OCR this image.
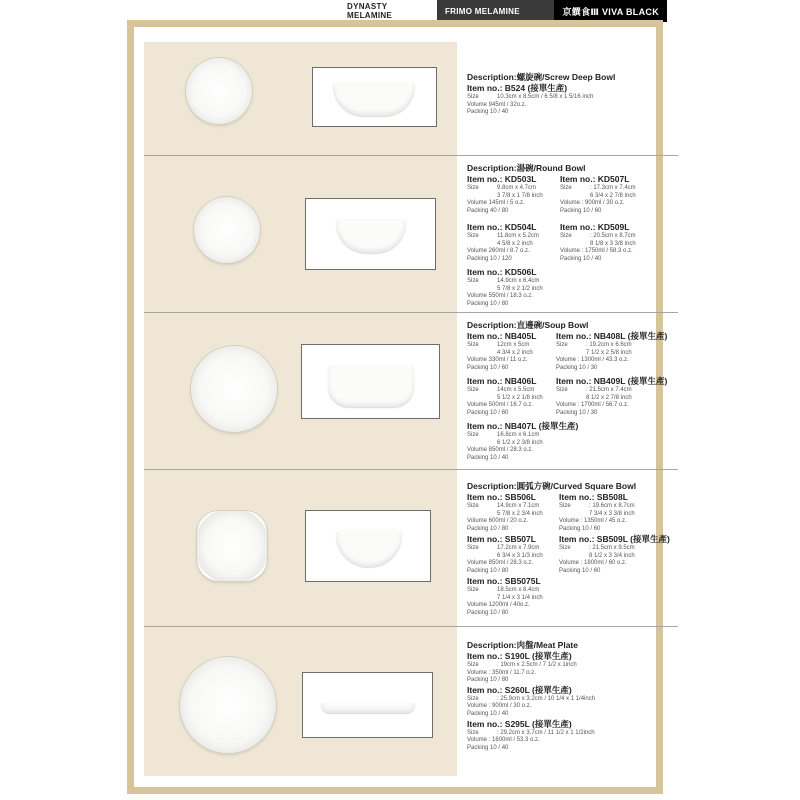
DYNASTY MELAMINE	FRIMO MELAMINE	京饌食Ⅲ VIVA BLACK
Description:螺旋碗/Screw Deep Bowl
Item no.: B524 (接單生產)
Size	10.3cm x 8.5cm / 6 5/8 x 1 5/16 inch
Volume 945ml / 32o.z.
Packing 10 / 40
Description:湯碗/Round Bowl
Item no.: KD503L
Size	9.8cm x 4.7cm
3 7/8 x 1 7/8 inch
Volume 145ml / 5 o.z.
Packing 40 / 80
Item no.: KD507L
Size	: 17.3cm x 7.4cm
6 3/4 x 2 7/8 inch
Volume : 900ml / 30 o.z.
Packing 10 / 60
Item no.: KD504L
Size	11.8cm x 5.2cm
4 5/8 x 2 inch
Volume 260ml / 8.7 o.z.
Packing 10 / 120
Item no.: KD509L
Size	: 20.5cm x 8.7cm
8 1/8 x 3 3/8 inch
Volume : 1750ml / 58.3 o.z.
Packing 10 / 40
Item no.: KD506L
Size	14.9cm x 6.4cm
5 7/8 x 2 1/2 inch
Volume 550ml / 18.3 o.z.
Packing 10 / 80
Description:直邊碗/Soup Bowl
Item no.: NB405L
Size	12cm x 5cm
4 3/4 x 2 inch
Volume 330ml / 11 o.z.
Packing 10 / 60
Item no.: NB408L (接單生產)
Size	: 19.2cm x 6.6cm
7 1/2 x 2 5/8 inch
Volume : 1300ml / 43.3 o.z.
Packing 10 / 30
Item no.: NB406L
Size	14cm x 5.5cm
5 1/2 x 2 1/8 inch
Volume 500ml / 16.7 o.z.
Packing 10 / 60
Item no.: NB409L (接單生產)
Size	: 21.5cm x 7.4cm
8 1/2 x 2 7/8 inch
Volume : 1700ml / 56.7 o.z.
Packing 10 / 30
Item no.: NB407L (接單生產)
Size	16.8cm x 6.1cm
6 1/2 x 2 3/8 inch
Volume 850ml / 28.3 o.z.
Packing 10 / 40
Description:圓弧方碗/Curved Square Bowl
Item no.: SB506L
Size	14.9cm x 7.1cm
5 7/8 x 2 3/4 inch
Volume 600ml / 20 o.z.
Packing 10 / 80
Item no.: SB508L
Size	: 19.6cm x 8.7cm
7 3/4 x 3 3/8 inch
Volume : 1350ml / 45 o.z.
Packing 10 / 60
Item no.: SB507L
Size	17.2cm x 7.9cm
6 3/4 x 3 1/3 inch
Volume 850ml / 28.3 o.z.
Packing 10 / 80
Item no.: SB509L (接單生產)
Size	: 21.5cm x 9.5cm
8 1/2 x 3 3/4 inch
Volume : 1800ml / 60 o.z.
Packing 10 / 60
Item no.: SB5075L
Size	18.5cm x 8.4cm
7 1/4 x 3 1/4 inch
Volume 1200ml / 40o.z.
Packing 10 / 80
Description:肉盤/Meat Plate
Item no.: S190L (接單生產)
Size	: 19cm x 2.5cm / 7 1/2 x 1inch
Volume : 350ml / 11.7 o.z.
Packing 10 / 80
Item no.: S260L (接單生產)
Size	: 25.9cm x 3.2cm / 10 1/4 x 1 1/4inch
Volume : 900ml / 30 o.z.
Packing 10 / 40
Item no.: S295L (接單生產)
Size	: 29.2cm x 3.7cm / 11 1/2 x 1 1/2inch
Volume : 1600ml / 53.3 o.z.
Packing 10 / 40
